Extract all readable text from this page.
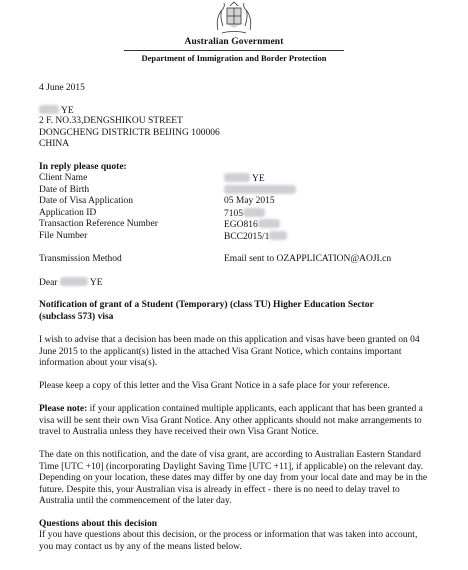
Australian Government
Department of Immigration and Border Protection
4 June 2015
YE
2 F. NO.33,DENGSHIKOU STREET
DONGCHENG DISTRICTR BEIJING 100006
CHINA
In reply please quote:
Client Name	YE
Date of Birth
Date of Visa Application	05 May 2015
Application ID	7105
Transaction Reference Number	EGO816
File Number	BCC2015/1
Transmission Method	Email sent to OZAPPLICATION@AOJI.cn
Dear	YE
Notification of grant of a Student (Temporary) (class TU) Higher Education Sector
(subclass 573) visa
I wish to advise that a decision has been made on this application and visas have been granted on 04 June 2015 to the applicant(s) listed in the attached Visa Grant Notice, which contains important information about your visa(s).
Please keep a copy of this letter and the Visa Grant Notice in a safe place for your reference.
Please note: if your application contained multiple applicants, each applicant that has been granted a visa will be sent their own Visa Grant Notice. Any other applicants should not make arrangements to travel to Australia unless they have received their own Visa Grant Notice.
The date on this notification, and the date of visa grant, are according to Australian Eastern Standard Time [UTC +10] (incorporating Daylight Saving Time [UTC +11], if applicable) on the relevant day. Depending on your location, these dates may differ by one day from your local date and may be in the future. Despite this, your Australian visa is already in effect - there is no need to delay travel to Australia until the commencement of the later day.
Questions about this decision
If you have questions about this decision, or the process or information that was taken into account, you may contact us by any of the means listed below.
